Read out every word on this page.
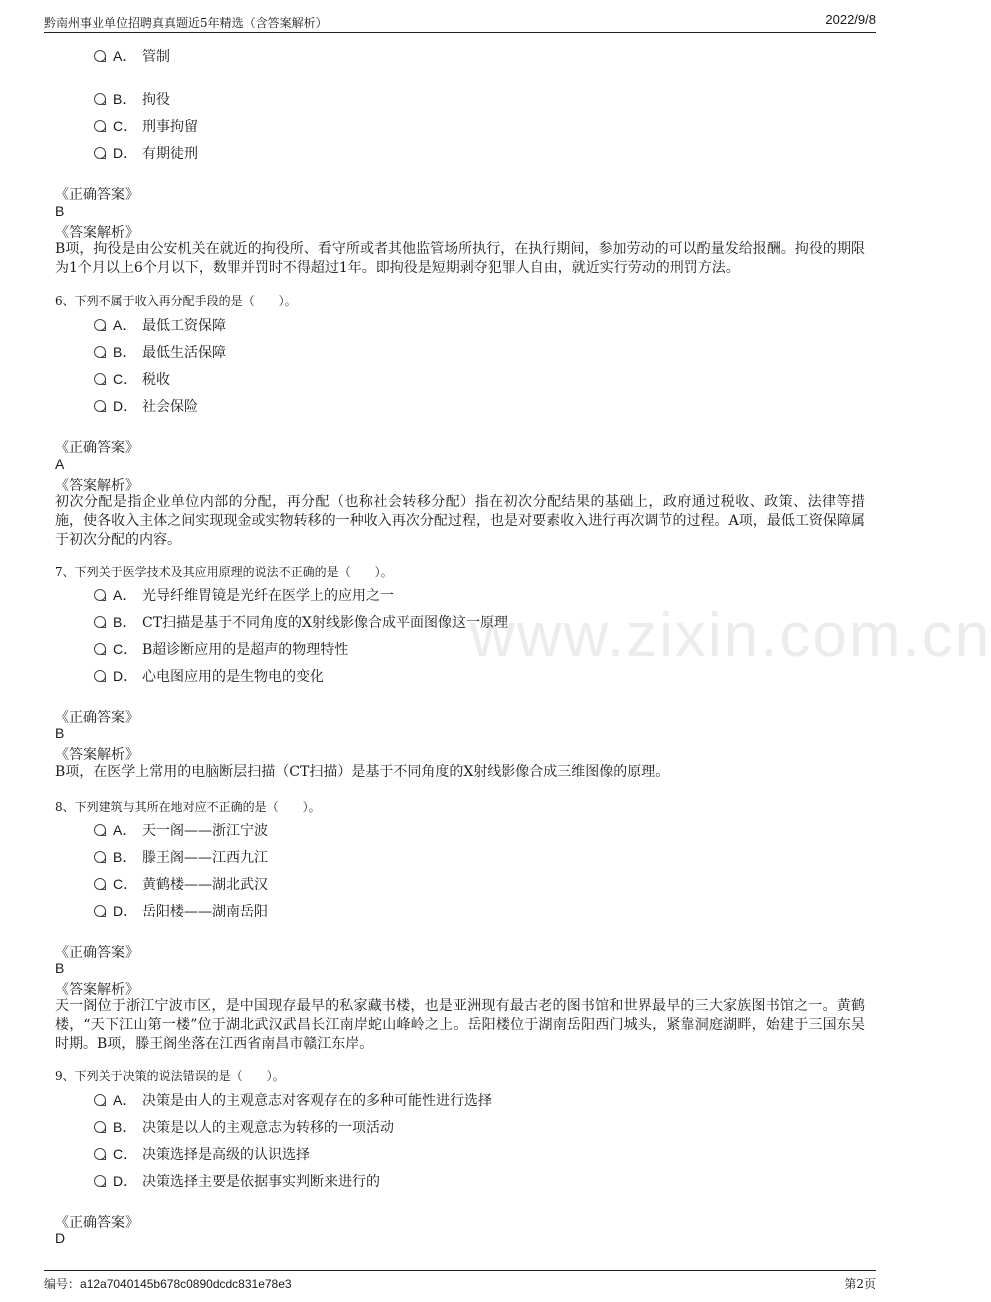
黔南州事业单位招聘真真题近5年精选（含答案解析）	2022/9/8
www.zixin.com.cn
A． 管制
B． 拘役
C． 刑事拘留
D． 有期徒刑
《正确答案》
B
《答案解析》
B项，拘役是由公安机关在就近的拘役所、看守所或者其他监管场所执行，在执行期间，参加劳动的可以酌量发给报酬。拘役的期限为1个月以上6个月以下，数罪并罚时不得超过1年。即拘役是短期剥夺犯罪人自由，就近实行劳动的刑罚方法。
6、下列不属于收入再分配手段的是（　　）。
A． 最低工资保障
B． 最低生活保障
C． 税收
D． 社会保险
《正确答案》
A
《答案解析》
初次分配是指企业单位内部的分配，再分配（也称社会转移分配）指在初次分配结果的基础上，政府通过税收、政策、法律等措施，使各收入主体之间实现现金或实物转移的一种收入再次分配过程，也是对要素收入进行再次调节的过程。A项，最低工资保障属于初次分配的内容。
7、下列关于医学技术及其应用原理的说法不正确的是（　　）。
A． 光导纤维胃镜是光纤在医学上的应用之一
B． CT扫描是基于不同角度的X射线影像合成平面图像这一原理
C． B超诊断应用的是超声的物理特性
D． 心电图应用的是生物电的变化
《正确答案》
B
《答案解析》
B项，在医学上常用的电脑断层扫描（CT扫描）是基于不同角度的X射线影像合成三维图像的原理。
8、下列建筑与其所在地对应不正确的是（　　）。
A． 天一阁——浙江宁波
B． 滕王阁——江西九江
C． 黄鹤楼——湖北武汉
D． 岳阳楼——湖南岳阳
《正确答案》
B
《答案解析》
天一阁位于浙江宁波市区，是中国现存最早的私家藏书楼，也是亚洲现有最古老的图书馆和世界最早的三大家族图书馆之一。黄鹤楼，“天下江山第一楼”位于湖北武汉武昌长江南岸蛇山峰岭之上。岳阳楼位于湖南岳阳西门城头，紧靠洞庭湖畔，始建于三国东吴时期。B项，滕王阁坐落在江西省南昌市赣江东岸。
9、下列关于决策的说法错误的是（　　）。
A． 决策是由人的主观意志对客观存在的多种可能性进行选择
B． 决策是以人的主观意志为转移的一项活动
C． 决策选择是高级的认识选择
D． 决策选择主要是依据事实判断来进行的
《正确答案》
D
编号：a12a7040145b678c0890dcdc831e78e3	第2页
